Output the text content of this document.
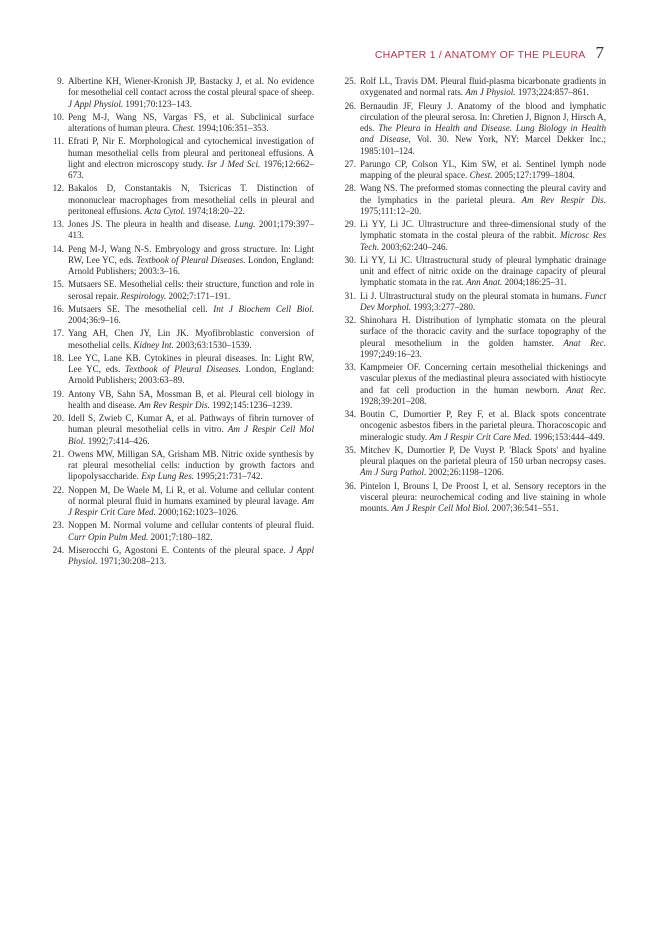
CHAPTER 1 / ANATOMY OF THE PLEURA 7
9. Albertine KH, Wiener-Kronish JP, Bastacky J, et al. No evidence for mesothelial cell contact across the costal pleural space of sheep. J Appl Physiol. 1991;70:123–143.
10. Peng M-J, Wang NS, Vargas FS, et al. Subclinical surface alterations of human pleura. Chest. 1994;106:351–353.
11. Efrati P, Nir E. Morphological and cytochemical investigation of human mesothelial cells from pleural and peritoneal effusions. A light and electron microscopy study. Isr J Med Sci. 1976;12:662–673.
12. Bakalos D, Constantakis N, Tsicricas T. Distinction of mononuclear macrophages from mesothelial cells in pleural and peritoneal effusions. Acta Cytol. 1974;18:20–22.
13. Jones JS. The pleura in health and disease. Lung. 2001;179:397–413.
14. Peng M-J, Wang N-S. Embryology and gross structure. In: Light RW, Lee YC, eds. Textbook of Pleural Diseases. London, England: Arnold Publishers; 2003:3–16.
15. Mutsaers SE. Mesothelial cells: their structure, function and role in serosal repair. Respirology. 2002;7:171–191.
16. Mutsaers SE. The mesothelial cell. Int J Biochem Cell Biol. 2004;36:9–16.
17. Yang AH, Chen JY, Lin JK. Myofibroblastic conversion of mesothelial cells. Kidney Int. 2003;63:1530–1539.
18. Lee YC, Lane KB. Cytokines in pleural diseases. In: Light RW, Lee YC, eds. Textbook of Pleural Diseases. London, England: Arnold Publishers; 2003:63–89.
19. Antony VB, Sahn SA, Mossman B, et al. Pleural cell biology in health and disease. Am Rev Respir Dis. 1992;145:1236–1239.
20. Idell S, Zwieb C, Kumar A, et al. Pathways of fibrin turnover of human pleural mesothelial cells in vitro. Am J Respir Cell Mol Biol. 1992;7:414–426.
21. Owens MW, Milligan SA, Grisham MB. Nitric oxide synthesis by rat pleural mesothelial cells: induction by growth factors and lipopolysaccharide. Exp Lung Res. 1995;21:731–742.
22. Noppen M, De Waele M, Li R, et al. Volume and cellular content of normal pleural fluid in humans examined by pleural lavage. Am J Respir Crit Care Med. 2000;162:1023–1026.
23. Noppen M. Normal volume and cellular contents of pleural fluid. Curr Opin Pulm Med. 2001;7:180–182.
24. Miserocchi G, Agostoni E. Contents of the pleural space. J Appl Physiol. 1971;30:208–213.
25. Rolf LL, Travis DM. Pleural fluid-plasma bicarbonate gradients in oxygenated and normal rats. Am J Physiol. 1973;224:857–861.
26. Bernaudin JF, Fleury J. Anatomy of the blood and lymphatic circulation of the pleural serosa. In: Chretien J, Bignon J, Hirsch A, eds. The Pleura in Health and Disease. Lung Biology in Health and Disease, Vol. 30. New York, NY: Marcel Dekker Inc.; 1985:101–124.
27. Parungo CP, Colson YL, Kim SW, et al. Sentinel lymph node mapping of the pleural space. Chest. 2005;127:1799–1804.
28. Wang NS. The preformed stomas connecting the pleural cavity and the lymphatics in the parietal pleura. Am Rev Respir Dis. 1975;111:12–20.
29. Li YY, Li JC. Ultrastructure and three-dimensional study of the lymphatic stomata in the costal pleura of the rabbit. Microsc Res Tech. 2003;62:240–246.
30. Li YY, Li JC. Ultrastructural study of pleural lymphatic drainage unit and effect of nitric oxide on the drainage capacity of pleural lymphatic stomata in the rat. Ann Anat. 2004;186:25–31.
31. Li J. Ultrastructural study on the pleural stomata in humans. Funct Dev Morphol. 1993;3:277–280.
32. Shinohara H. Distribution of lymphatic stomata on the pleural surface of the thoracic cavity and the surface topography of the pleural mesothelium in the golden hamster. Anat Rec. 1997;249:16–23.
33. Kampmeier OF. Concerning certain mesothelial thickenings and vascular plexus of the mediastinal pleura associated with histiocyte and fat cell production in the human newborn. Anat Rec. 1928;39:201–208.
34. Boutin C, Dumortier P, Rey F, et al. Black spots concentrate oncogenic asbestos fibers in the parietal pleura. Thoracoscopic and mineralogic study. Am J Respir Crit Care Med. 1996;153:444–449.
35. Mitchev K, Dumortier P, De Vuyst P. 'Black Spots' and hyaline pleural plaques on the parietal pleura of 150 urban necropsy cases. Am J Surg Pathol. 2002;26:1198–1206.
36. Pintelon I, Brouns I, De Proost I, et al. Sensory receptors in the visceral pleura: neurochemical coding and live staining in whole mounts. Am J Respir Cell Mol Biol. 2007;36:541–551.
